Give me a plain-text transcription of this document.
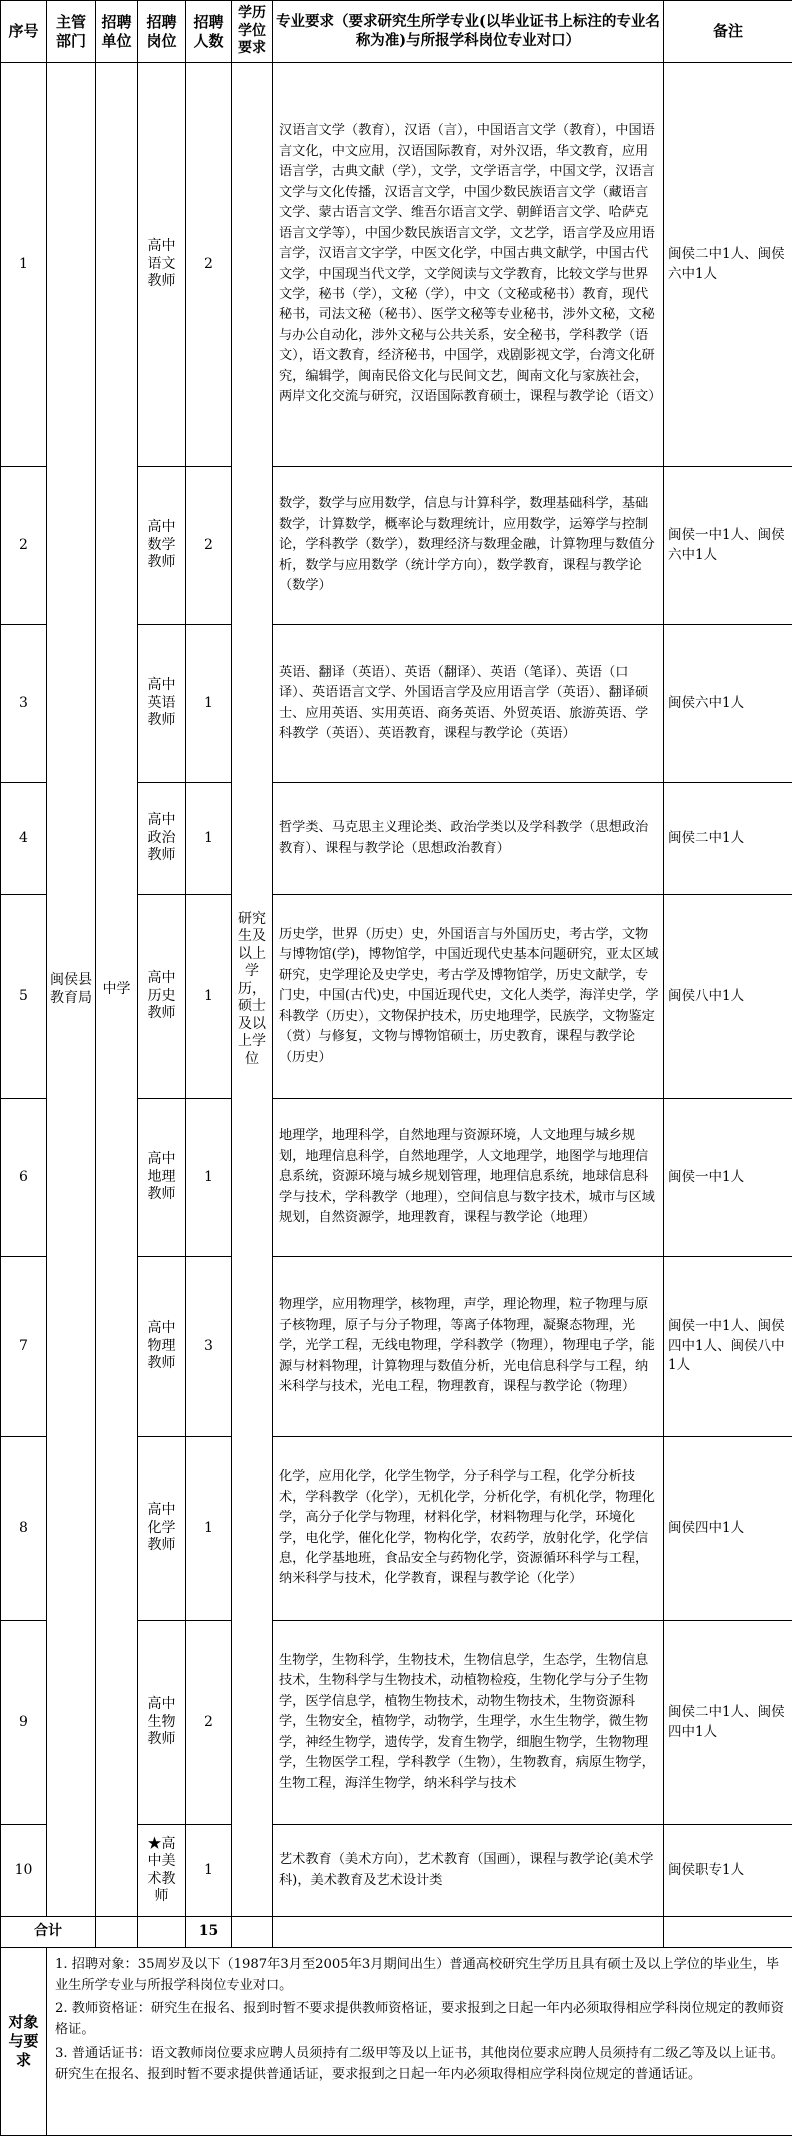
序号	主管部门	招聘单位	招聘岗位	招聘人数	学历学位要求	专业要求（要求研究生所学专业(以毕业证书上标注的专业名称为准)与所报学科岗位专业对口）	备注
1	闽侯县教育局	中学	高中语文教师	2	研究生及以上学历，硕士及以上学位	汉语言文学（教育），汉语（言），中国语言文学（教育），中国语言文化，中文应用，汉语国际教育，对外汉语，华文教育，应用语言学，古典文献（学），文学，文学语言学，中国文学，汉语言文学与文化传播，汉语言文学，中国少数民族语言文学（藏语言文学、蒙古语言文学、维吾尔语言文学、朝鲜语言文学、哈萨克语言文学等），中国少数民族语言文学，文艺学，语言学及应用语言学，汉语言文字学，中医文化学，中国古典文献学，中国古代文学，中国现当代文学，文学阅读与文学教育，比较文学与世界文学，秘书（学），文秘（学），中文（文秘或秘书）教育，现代秘书，司法文秘（秘书）、医学文秘等专业秘书，涉外文秘，文秘与办公自动化，涉外文秘与公共关系，安全秘书，学科教学（语文），语文教育，经济秘书，中国学，戏剧影视文学，台湾文化研究，编辑学，闽南民俗文化与民间文艺，闽南文化与家族社会，两岸文化交流与研究，汉语国际教育硕士，课程与教学论（语文）	闽侯二中1人、闽侯六中1人
2			高中数学教师	2		数学，数学与应用数学，信息与计算科学，数理基础科学，基础数学，计算数学，概率论与数理统计，应用数学，运筹学与控制论，学科教学（数学），数理经济与数理金融，计算物理与数值分析，数学与应用数学（统计学方向），数学教育，课程与教学论（数学）	闽侯一中1人、闽侯六中1人
3			高中英语教师	1		英语、翻译（英语）、英语（翻译）、英语（笔译）、英语（口译）、英语语言文学、外国语言学及应用语言学（英语）、翻译硕士、应用英语、实用英语、商务英语、外贸英语、旅游英语、学科教学（英语）、英语教育，课程与教学论（英语）	闽侯六中1人
4			高中政治教师	1		哲学类、马克思主义理论类、政治学类以及学科教学（思想政治教育）、课程与教学论（思想政治教育）	闽侯二中1人
5			高中历史教师	1		历史学，世界（历史）史，外国语言与外国历史，考古学，文物与博物馆(学)，博物馆学，中国近现代史基本问题研究，亚太区域研究，史学理论及史学史，考古学及博物馆学，历史文献学，专门史，中国(古代)史，中国近现代史，文化人类学，海洋史学，学科教学（历史），文物保护技术，历史地理学，民族学，文物鉴定（赏）与修复，文物与博物馆硕士，历史教育，课程与教学论（历史）	闽侯八中1人
6			高中地理教师	1		地理学，地理科学，自然地理与资源环境，人文地理与城乡规划，地理信息科学，自然地理学，人文地理学，地图学与地理信息系统，资源环境与城乡规划管理，地理信息系统，地球信息科学与技术，学科教学（地理），空间信息与数字技术，城市与区域规划，自然资源学，地理教育，课程与教学论（地理）	闽侯一中1人
7			高中物理教师	3		物理学，应用物理学，核物理，声学，理论物理，粒子物理与原子核物理，原子与分子物理，等离子体物理，凝聚态物理，光学，光学工程，无线电物理，学科教学（物理），物理电子学，能源与材料物理，计算物理与数值分析，光电信息科学与工程，纳米科学与技术，光电工程，物理教育，课程与教学论（物理）	闽侯一中1人、闽侯四中1人、闽侯八中1人
8			高中化学教师	1		化学，应用化学，化学生物学，分子科学与工程，化学分析技术，学科教学（化学），无机化学，分析化学，有机化学，物理化学，高分子化学与物理，材料化学，材料物理与化学，环境化学，电化学，催化化学，物构化学，农药学，放射化学，化学信息，化学基地班，食品安全与药物化学，资源循环科学与工程，纳米科学与技术，化学教育，课程与教学论（化学）	闽侯四中1人
9			高中生物教师	2		生物学，生物科学，生物技术，生物信息学，生态学，生物信息技术，生物科学与生物技术，动植物检疫，生物化学与分子生物学，医学信息学，植物生物技术，动物生物技术，生物资源科学，生物安全，植物学，动物学，生理学，水生生物学，微生物学，神经生物学，遗传学，发育生物学，细胞生物学，生物物理学，生物医学工程，学科教学（生物），生物教育，病原生物学，生物工程，海洋生物学，纳米科学与技术	闽侯二中1人、闽侯四中1人
10			★高中美术教师	1		艺术教育（美术方向），艺术教育（国画），课程与教学论(美术学科)，美术教育及艺术设计类	闽侯职专1人
合计				15			
对象与要求	1. 招聘对象：35周岁及以下（1987年3月至2005年3月期间出生）普通高校研究生学历且具有硕士及以上学位的毕业生，毕业生所学专业与所报学科岗位专业对口。

2. 教师资格证：研究生在报名、报到时暂不要求提供教师资格证，要求报到之日起一年内必须取得相应学科岗位规定的教师资格证。

3. 普通话证书：语文教师岗位要求应聘人员须持有二级甲等及以上证书，其他岗位要求应聘人员须持有二级乙等及以上证书。研究生在报名、报到时暂不要求提供普通话证，要求报到之日起一年内必须取得相应学科岗位规定的普通话证。						
